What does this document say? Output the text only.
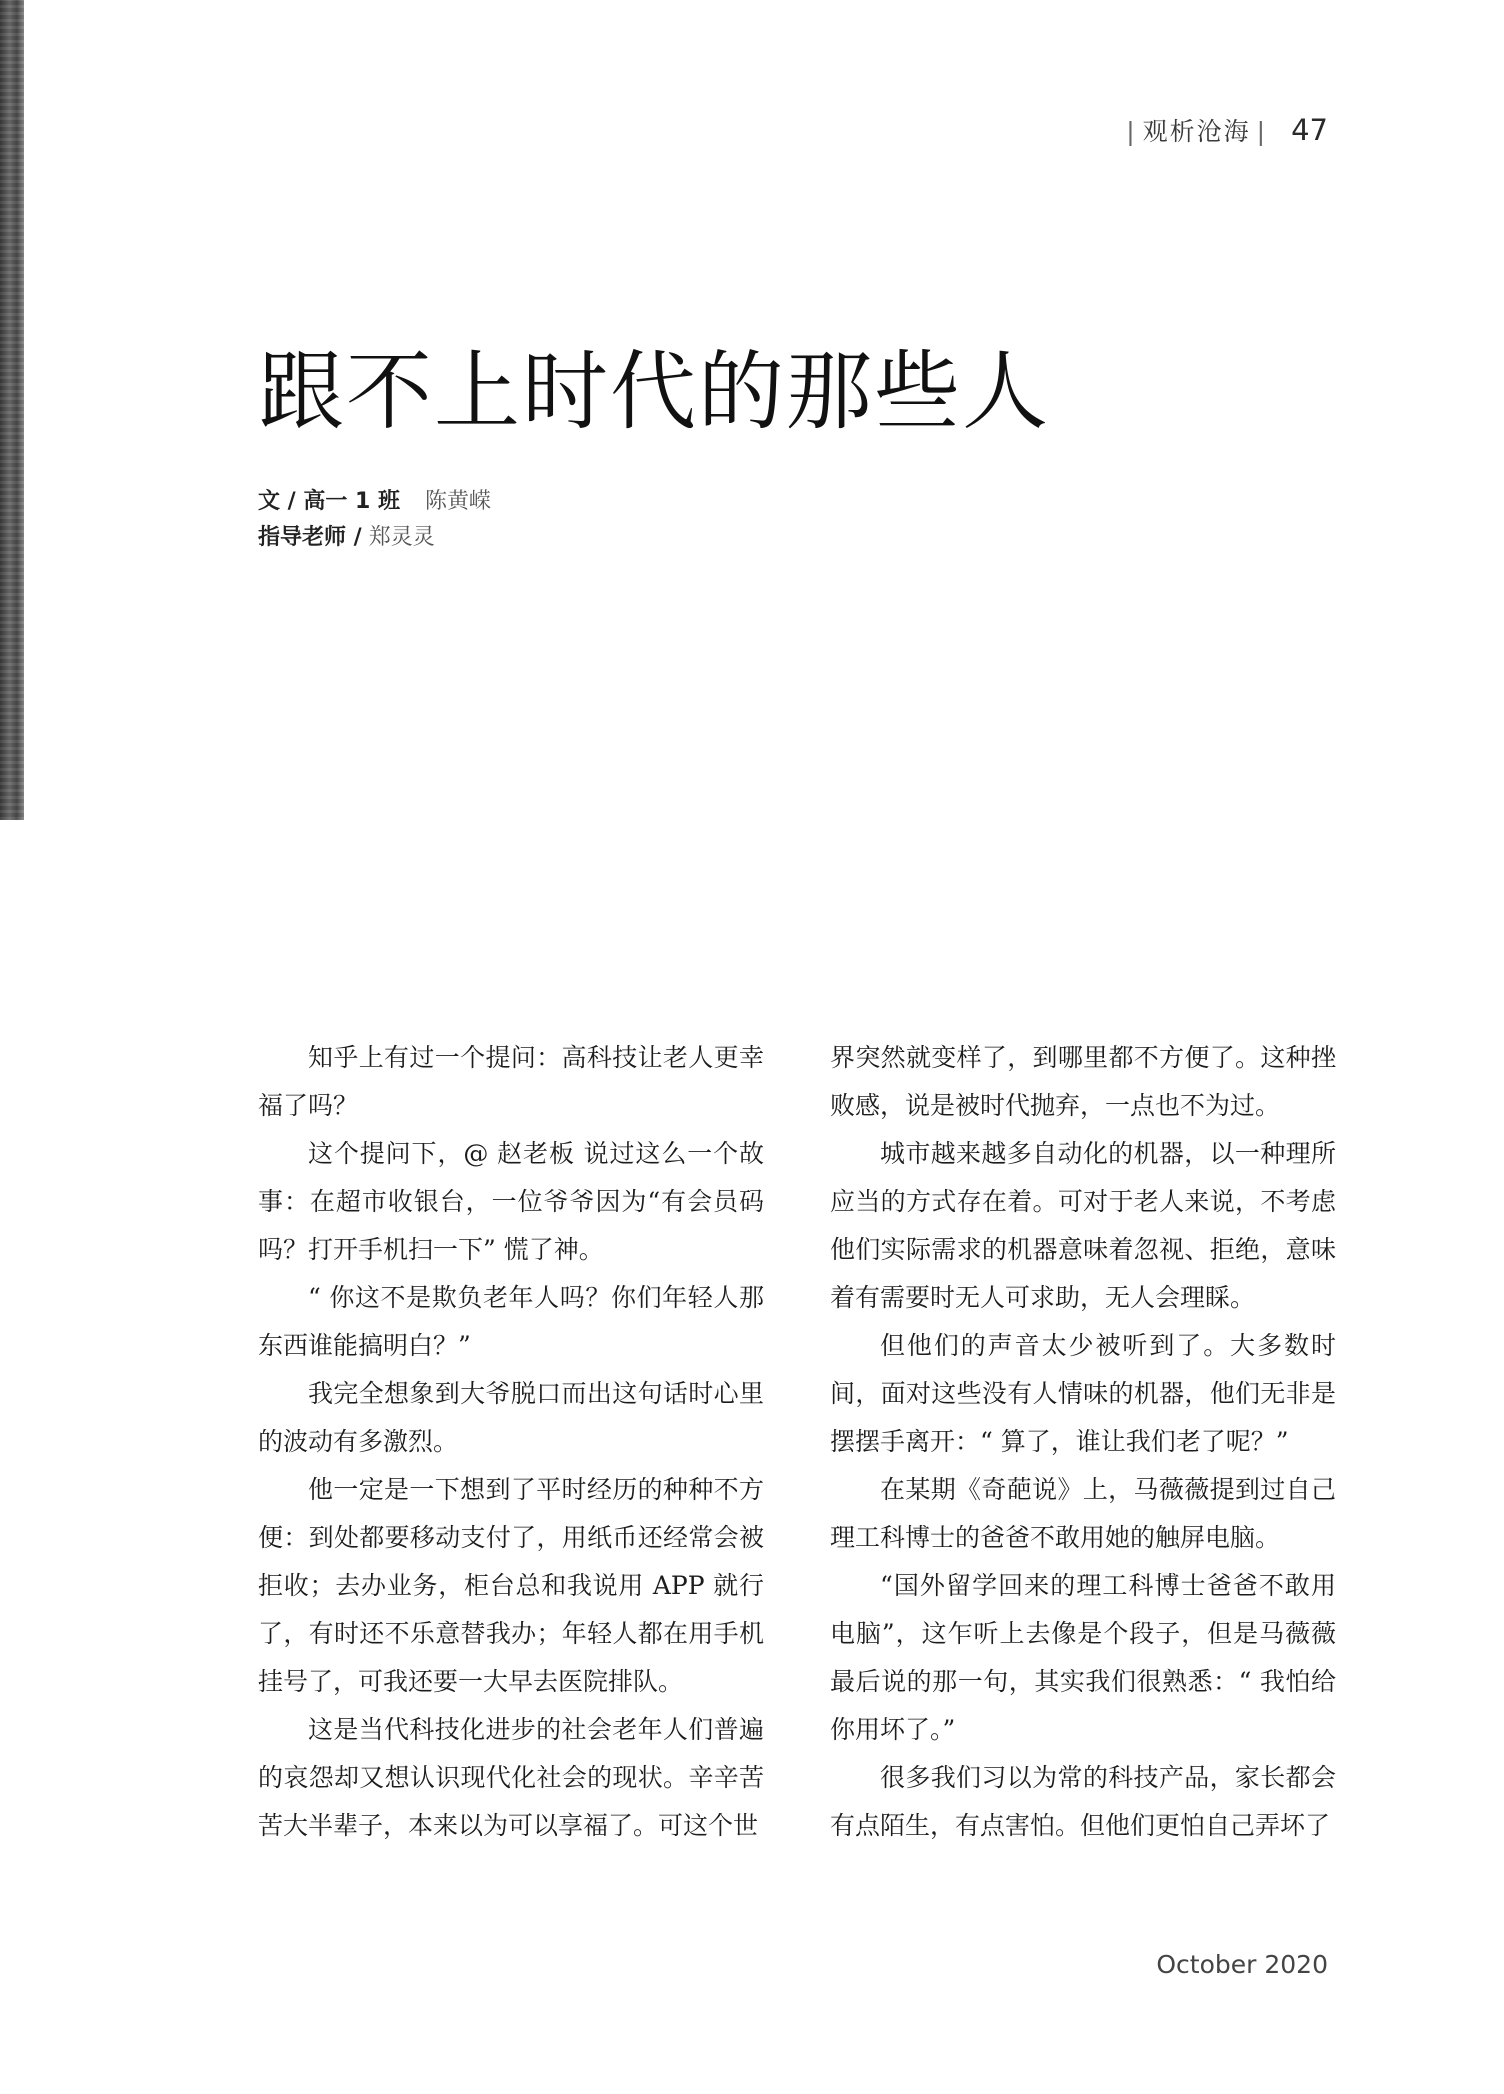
| 观析沧海 | 47
跟不上时代的那些人
文 / 高一 1 班 陈黄嵘
指导老师 / 郑灵灵

知乎上有过一个提问：高科技让老人更幸福了吗？

这个提问下，@ 赵老板 说过这么一个故事：在超市收银台，一位爷爷因为“有会员码吗？打开手机扫一下” 慌了神。

“ 你这不是欺负老年人吗？你们年轻人那东西谁能搞明白？”

我完全想象到大爷脱口而出这句话时心里的波动有多激烈。

他一定是一下想到了平时经历的种种不方便：到处都要移动支付了，用纸币还经常会被拒收；去办业务，柜台总和我说用 APP 就行了，有时还不乐意替我办；年轻人都在用手机挂号了，可我还要一大早去医院排队。

这是当代科技化进步的社会老年人们普遍的哀怨却又想认识现代化社会的现状。辛辛苦苦大半辈子，本来以为可以享福了。可这个世

界突然就变样了，到哪里都不方便了。这种挫败感，说是被时代抛弃，一点也不为过。

城市越来越多自动化的机器，以一种理所应当的方式存在着。可对于老人来说，不考虑他们实际需求的机器意味着忽视、拒绝，意味着有需要时无人可求助，无人会理睬。

但他们的声音太少被听到了。大多数时间，面对这些没有人情味的机器，他们无非是摆摆手离开：“ 算了，谁让我们老了呢？”

在某期《奇葩说》上，马薇薇提到过自己理工科博士的爸爸不敢用她的触屏电脑。

“国外留学回来的理工科博士爸爸不敢用电脑”，这乍听上去像是个段子，但是马薇薇最后说的那一句，其实我们很熟悉：“ 我怕给你用坏了。”

很多我们习以为常的科技产品，家长都会有点陌生，有点害怕。但他们更怕自己弄坏了

October 2020
